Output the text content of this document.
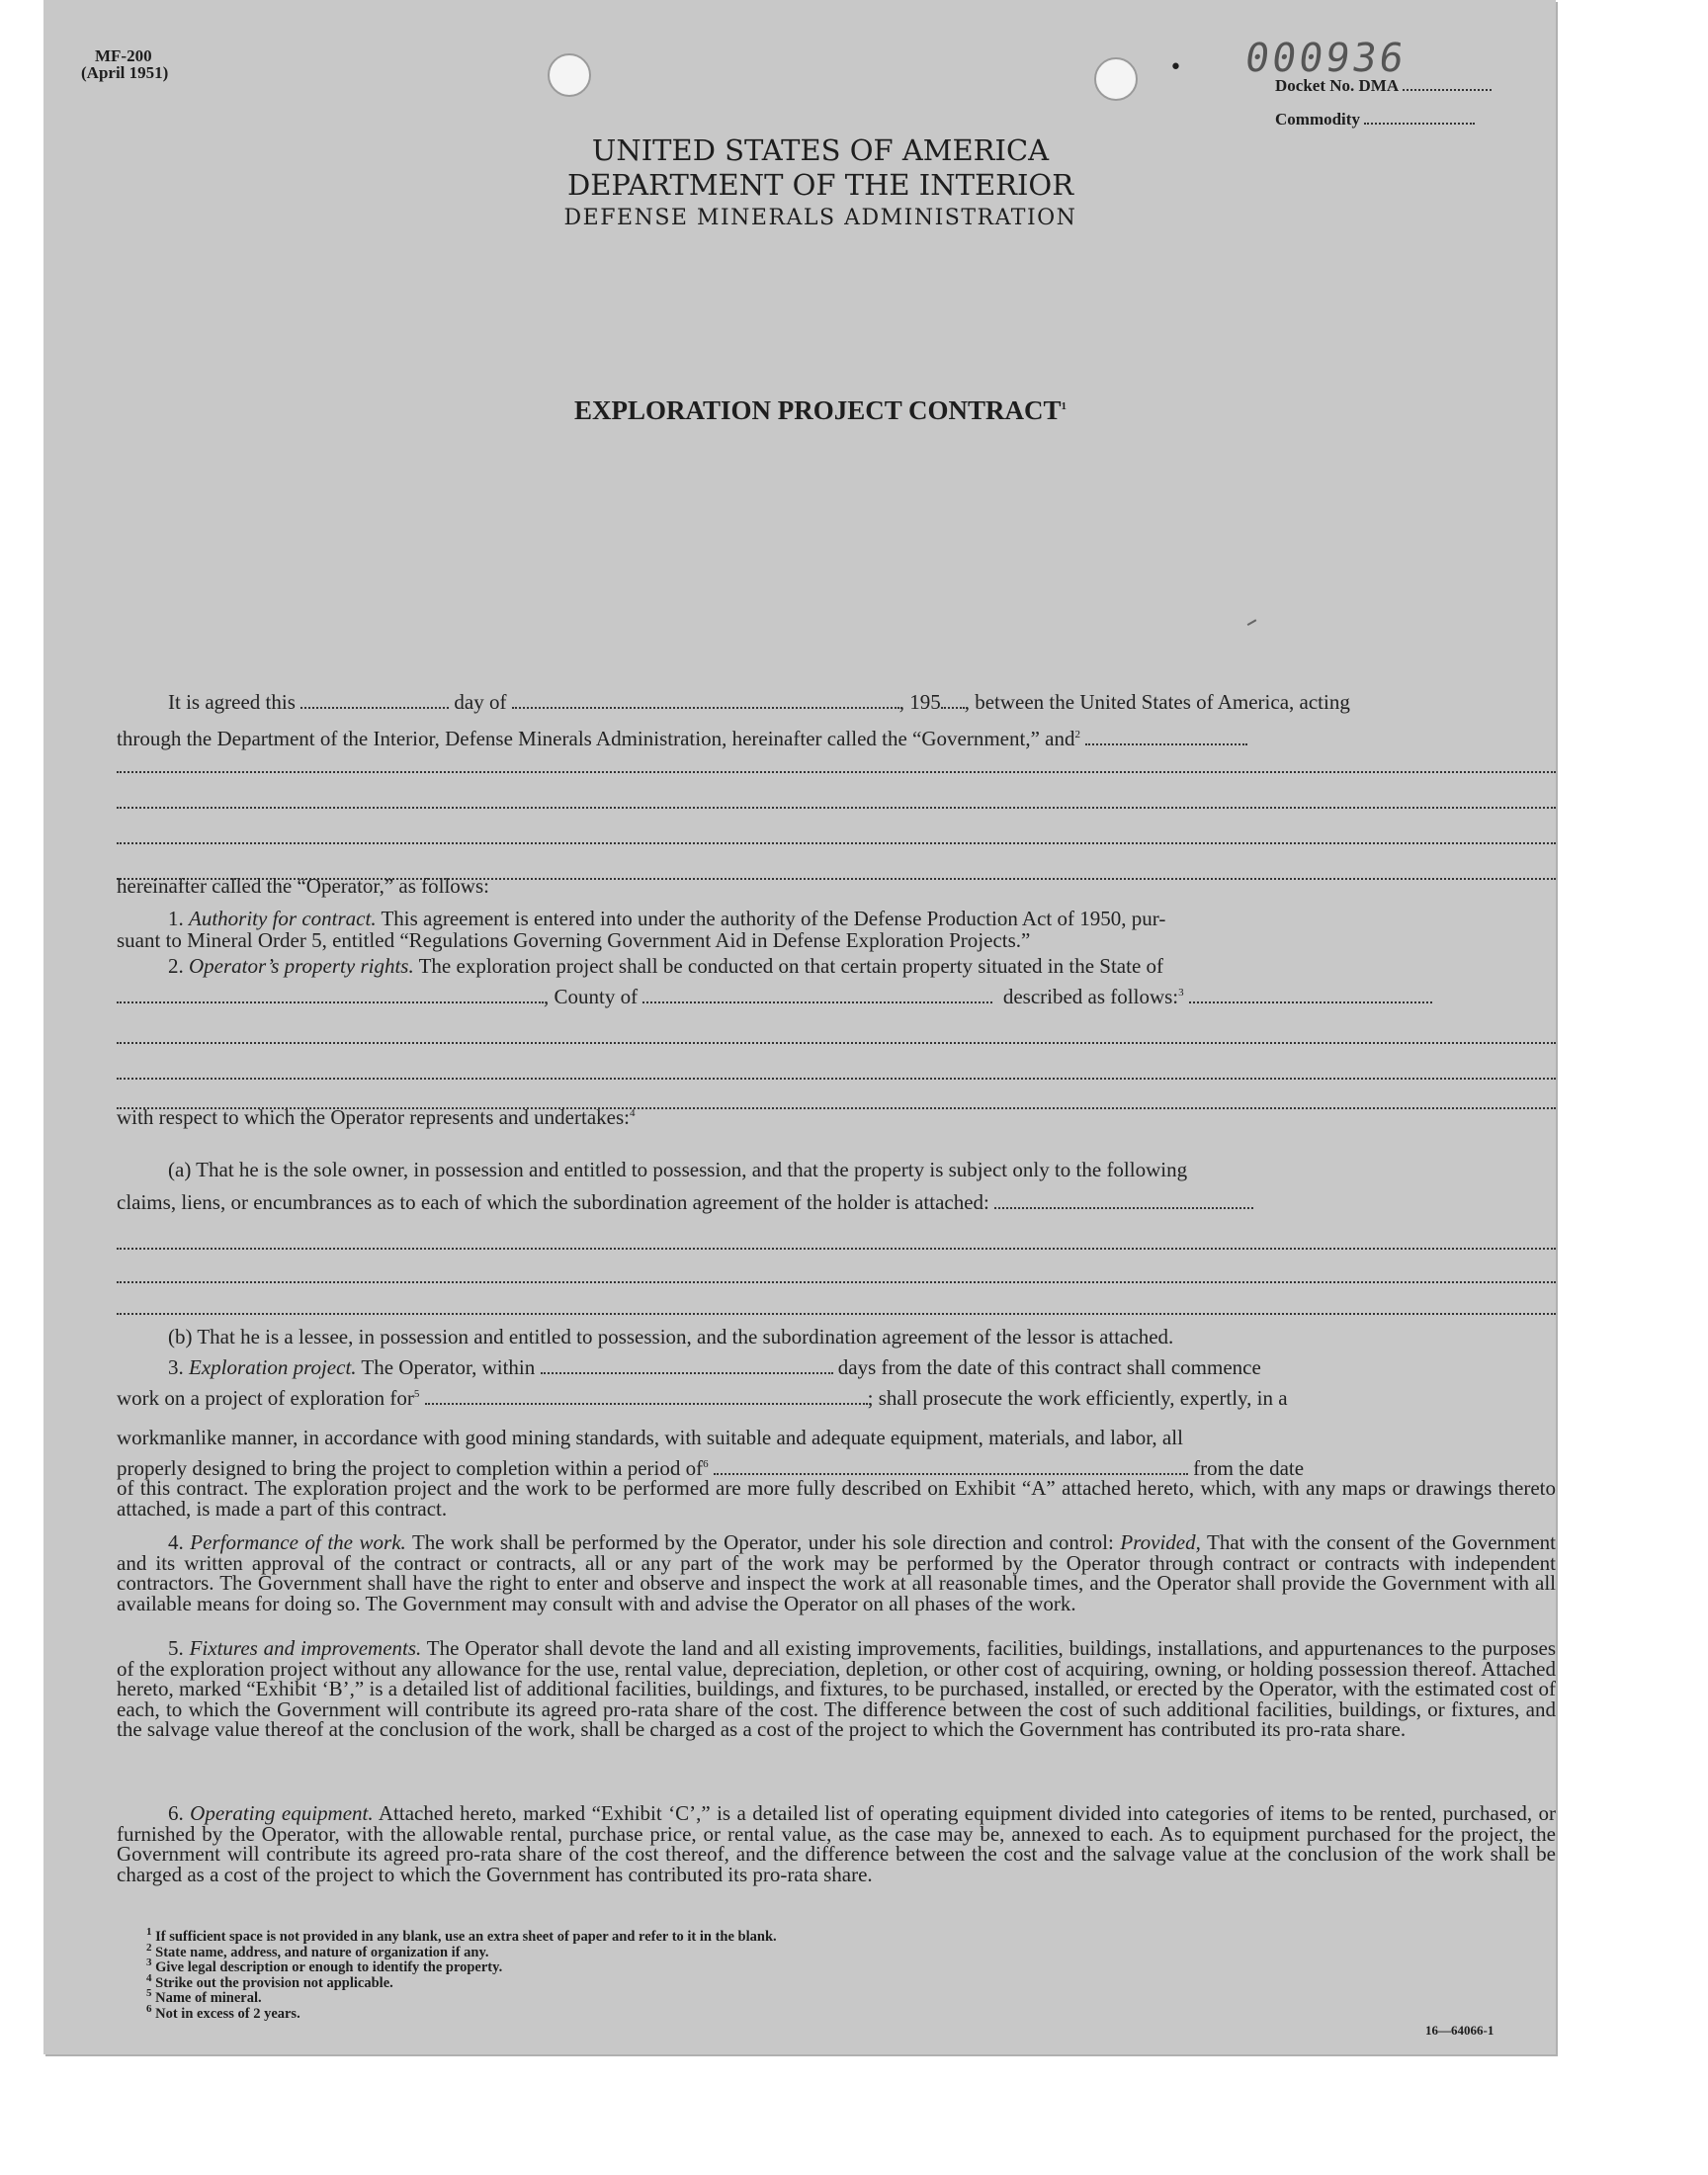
MF-200
(April 1951)	• 000936
Docket No. DMA
Commodity
UNITED STATES OF AMERICA
DEPARTMENT OF THE INTERIOR
DEFENSE MINERALS ADMINISTRATION
EXPLORATION PROJECT CONTRACT$^1$
It is agreed this	day of	, 195 , between the United States of America, acting
through the Department of the Interior, Defense Minerals Administration, hereinafter called the “Government,” and$^2$
hereinafter called the “Operator,” as follows:
1. Authority for contract. This agreement is entered into under the authority of the Defense Production Act of 1950, pur-
suant to Mineral Order 5, entitled “Regulations Governing Government Aid in Defense Exploration Projects.”
2. Operator’s property rights. The exploration project shall be conducted on that certain property situated in the State of
, County of	described as follows:$^3$
with respect to which the Operator represents and undertakes:$^4$
(a) That he is the sole owner, in possession and entitled to possession, and that the property is subject only to the following
claims, liens, or encumbrances as to each of which the subordination agreement of the holder is attached:
(b) That he is a lessee, in possession and entitled to possession, and the subordination agreement of the lessor is attached.
3. Exploration project. The Operator, within	days from the date of this contract shall commence
work on a project of exploration for$^5$	; shall prosecute the work efficiently, expertly, in a
workmanlike manner, in accordance with good mining standards, with suitable and adequate equipment, materials, and labor, all
properly designed to bring the project to completion within a period $of^6$	from the date
of this contract. The exploration project and the work to be performed are more fully described on Exhibit “A” attached hereto, which, with any maps or drawings thereto attached, is made a part of this contract.
4. Performance of the work. The work shall be performed by the Operator, under his sole direction and control: Provided, That with the consent of the Government and its written approval of the contract or contracts, all or any part of the work may be performed by the Operator through contract or contracts with independent contractors. The Government shall have the right to enter and observe and inspect the work at all reasonable times, and the Operator shall provide the Government with all available means for doing so. The Government may consult with and advise the Operator on all phases of the work.
5. Fixtures and improvements. The Operator shall devote the land and all existing improvements, facilities, buildings, installations, and appurtenances to the purposes of the exploration project without any allowance for the use, rental value, depreciation, depletion, or other cost of acquiring, owning, or holding possession thereof. Attached hereto, marked “Exhibit ‘B’,” is a detailed list of additional facilities, buildings, and fixtures, to be purchased, installed, or erected by the Operator, with the estimated cost of each, to which the Government will contribute its agreed pro-rata share of the cost. The difference between the cost of such additional facilities, buildings, or fixtures, and the salvage value thereof at the conclusion of the work, shall be charged as a cost of the project to which the Government has contributed its pro-rata share.
6. Operating equipment. Attached hereto, marked “Exhibit ‘C’,” is a detailed list of operating equipment divided into categories of items to be rented, purchased, or furnished by the Operator, with the allowable rental, purchase price, or rental value, as the case may be, annexed to each. As to equipment purchased for the project, the Government will contribute its agreed pro-rata share of the cost thereof, and the difference between the cost and the salvage value at the conclusion of the work shall be charged as a cost of the project to which the Government has contributed its pro-rata share.
$^1$ If sufficient space is not provided in any blank, use an extra sheet of paper and refer to it in the blank.
$^2$ State name, address, and nature of organization if any.
$^3$ Give legal description or enough to identify the property.
$^4$ Strike out the provision not applicable.
$^5$ Name of mineral.
$^6$ Not in excess of 2 years.
16—64066-1
